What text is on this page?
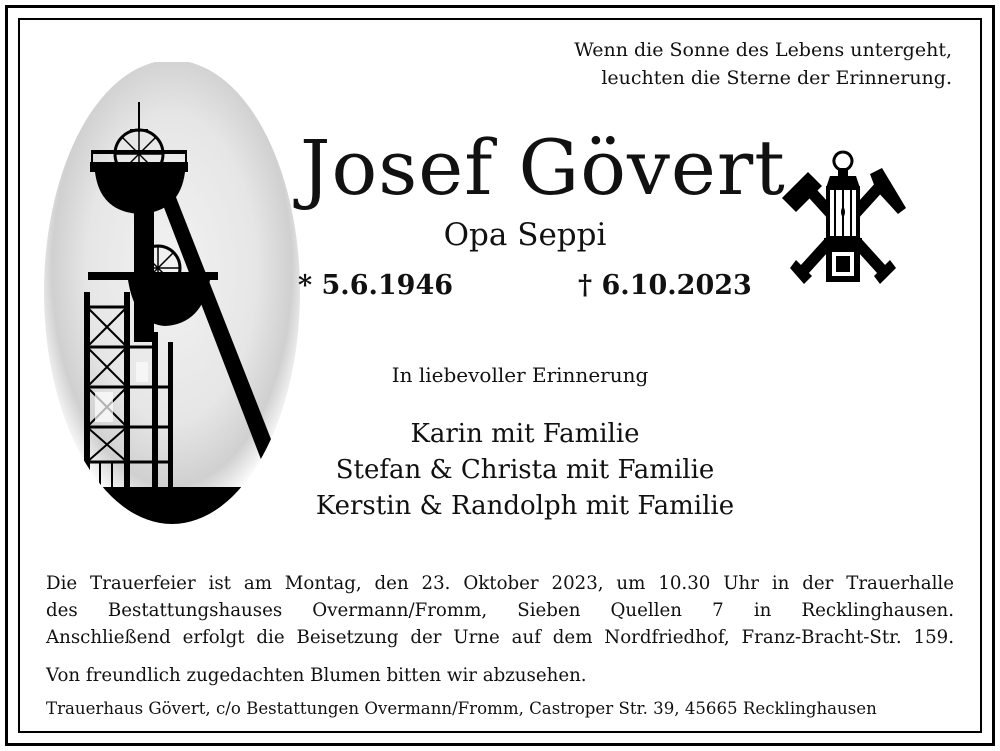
Wenn die Sonne des Lebens untergeht,
leuchten die Sterne der Erinnerung.
Josef Gövert
Opa Seppi
* 5.6.1946	† 6.10.2023
In liebevoller Erinnerung
Karin mit Familie
Stefan & Christa mit Familie
Kerstin & Randolph mit Familie
Die Trauerfeier ist am Montag, den 23. Oktober 2023, um 10.30 Uhr in der Trauerhalle
des Bestattungshauses Overmann/Fromm, Sieben Quellen 7 in Recklinghausen.
Anschließend erfolgt die Beisetzung der Urne auf dem Nordfriedhof, Franz-Bracht-Str. 159.
Von freundlich zugedachten Blumen bitten wir abzusehen.
Trauerhaus Gövert, c/o Bestattungen Overmann/Fromm, Castroper Str. 39, 45665 Recklinghausen
